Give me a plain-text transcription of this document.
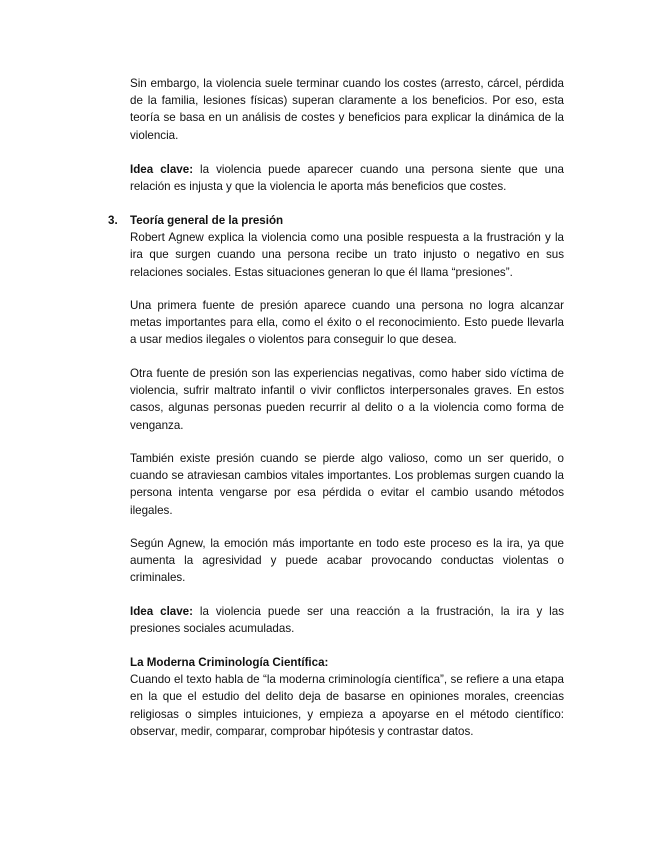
Sin embargo, la violencia suele terminar cuando los costes (arresto, cárcel, pérdida de la familia, lesiones físicas) superan claramente a los beneficios. Por eso, esta teoría se basa en un análisis de costes y beneficios para explicar la dinámica de la violencia.

Idea clave: la violencia puede aparecer cuando una persona siente que una relación es injusta y que la violencia le aporta más beneficios que costes.

3. Teoría general de la presión

Robert Agnew explica la violencia como una posible respuesta a la frustración y la ira que surgen cuando una persona recibe un trato injusto o negativo en sus relaciones sociales. Estas situaciones generan lo que él llama “presiones”.

Una primera fuente de presión aparece cuando una persona no logra alcanzar metas importantes para ella, como el éxito o el reconocimiento. Esto puede llevarla a usar medios ilegales o violentos para conseguir lo que desea.

Otra fuente de presión son las experiencias negativas, como haber sido víctima de violencia, sufrir maltrato infantil o vivir conflictos interpersonales graves. En estos casos, algunas personas pueden recurrir al delito o a la violencia como forma de venganza.

También existe presión cuando se pierde algo valioso, como un ser querido, o cuando se atraviesan cambios vitales importantes. Los problemas surgen cuando la persona intenta vengarse por esa pérdida o evitar el cambio usando métodos ilegales.

Según Agnew, la emoción más importante en todo este proceso es la ira, ya que aumenta la agresividad y puede acabar provocando conductas violentas o criminales.

Idea clave: la violencia puede ser una reacción a la frustración, la ira y las presiones sociales acumuladas.

La Moderna Criminología Científica:

Cuando el texto habla de “la moderna criminología científica”, se refiere a una etapa en la que el estudio del delito deja de basarse en opiniones morales, creencias religiosas o simples intuiciones, y empieza a apoyarse en el método científico: observar, medir, comparar, comprobar hipótesis y contrastar datos.
